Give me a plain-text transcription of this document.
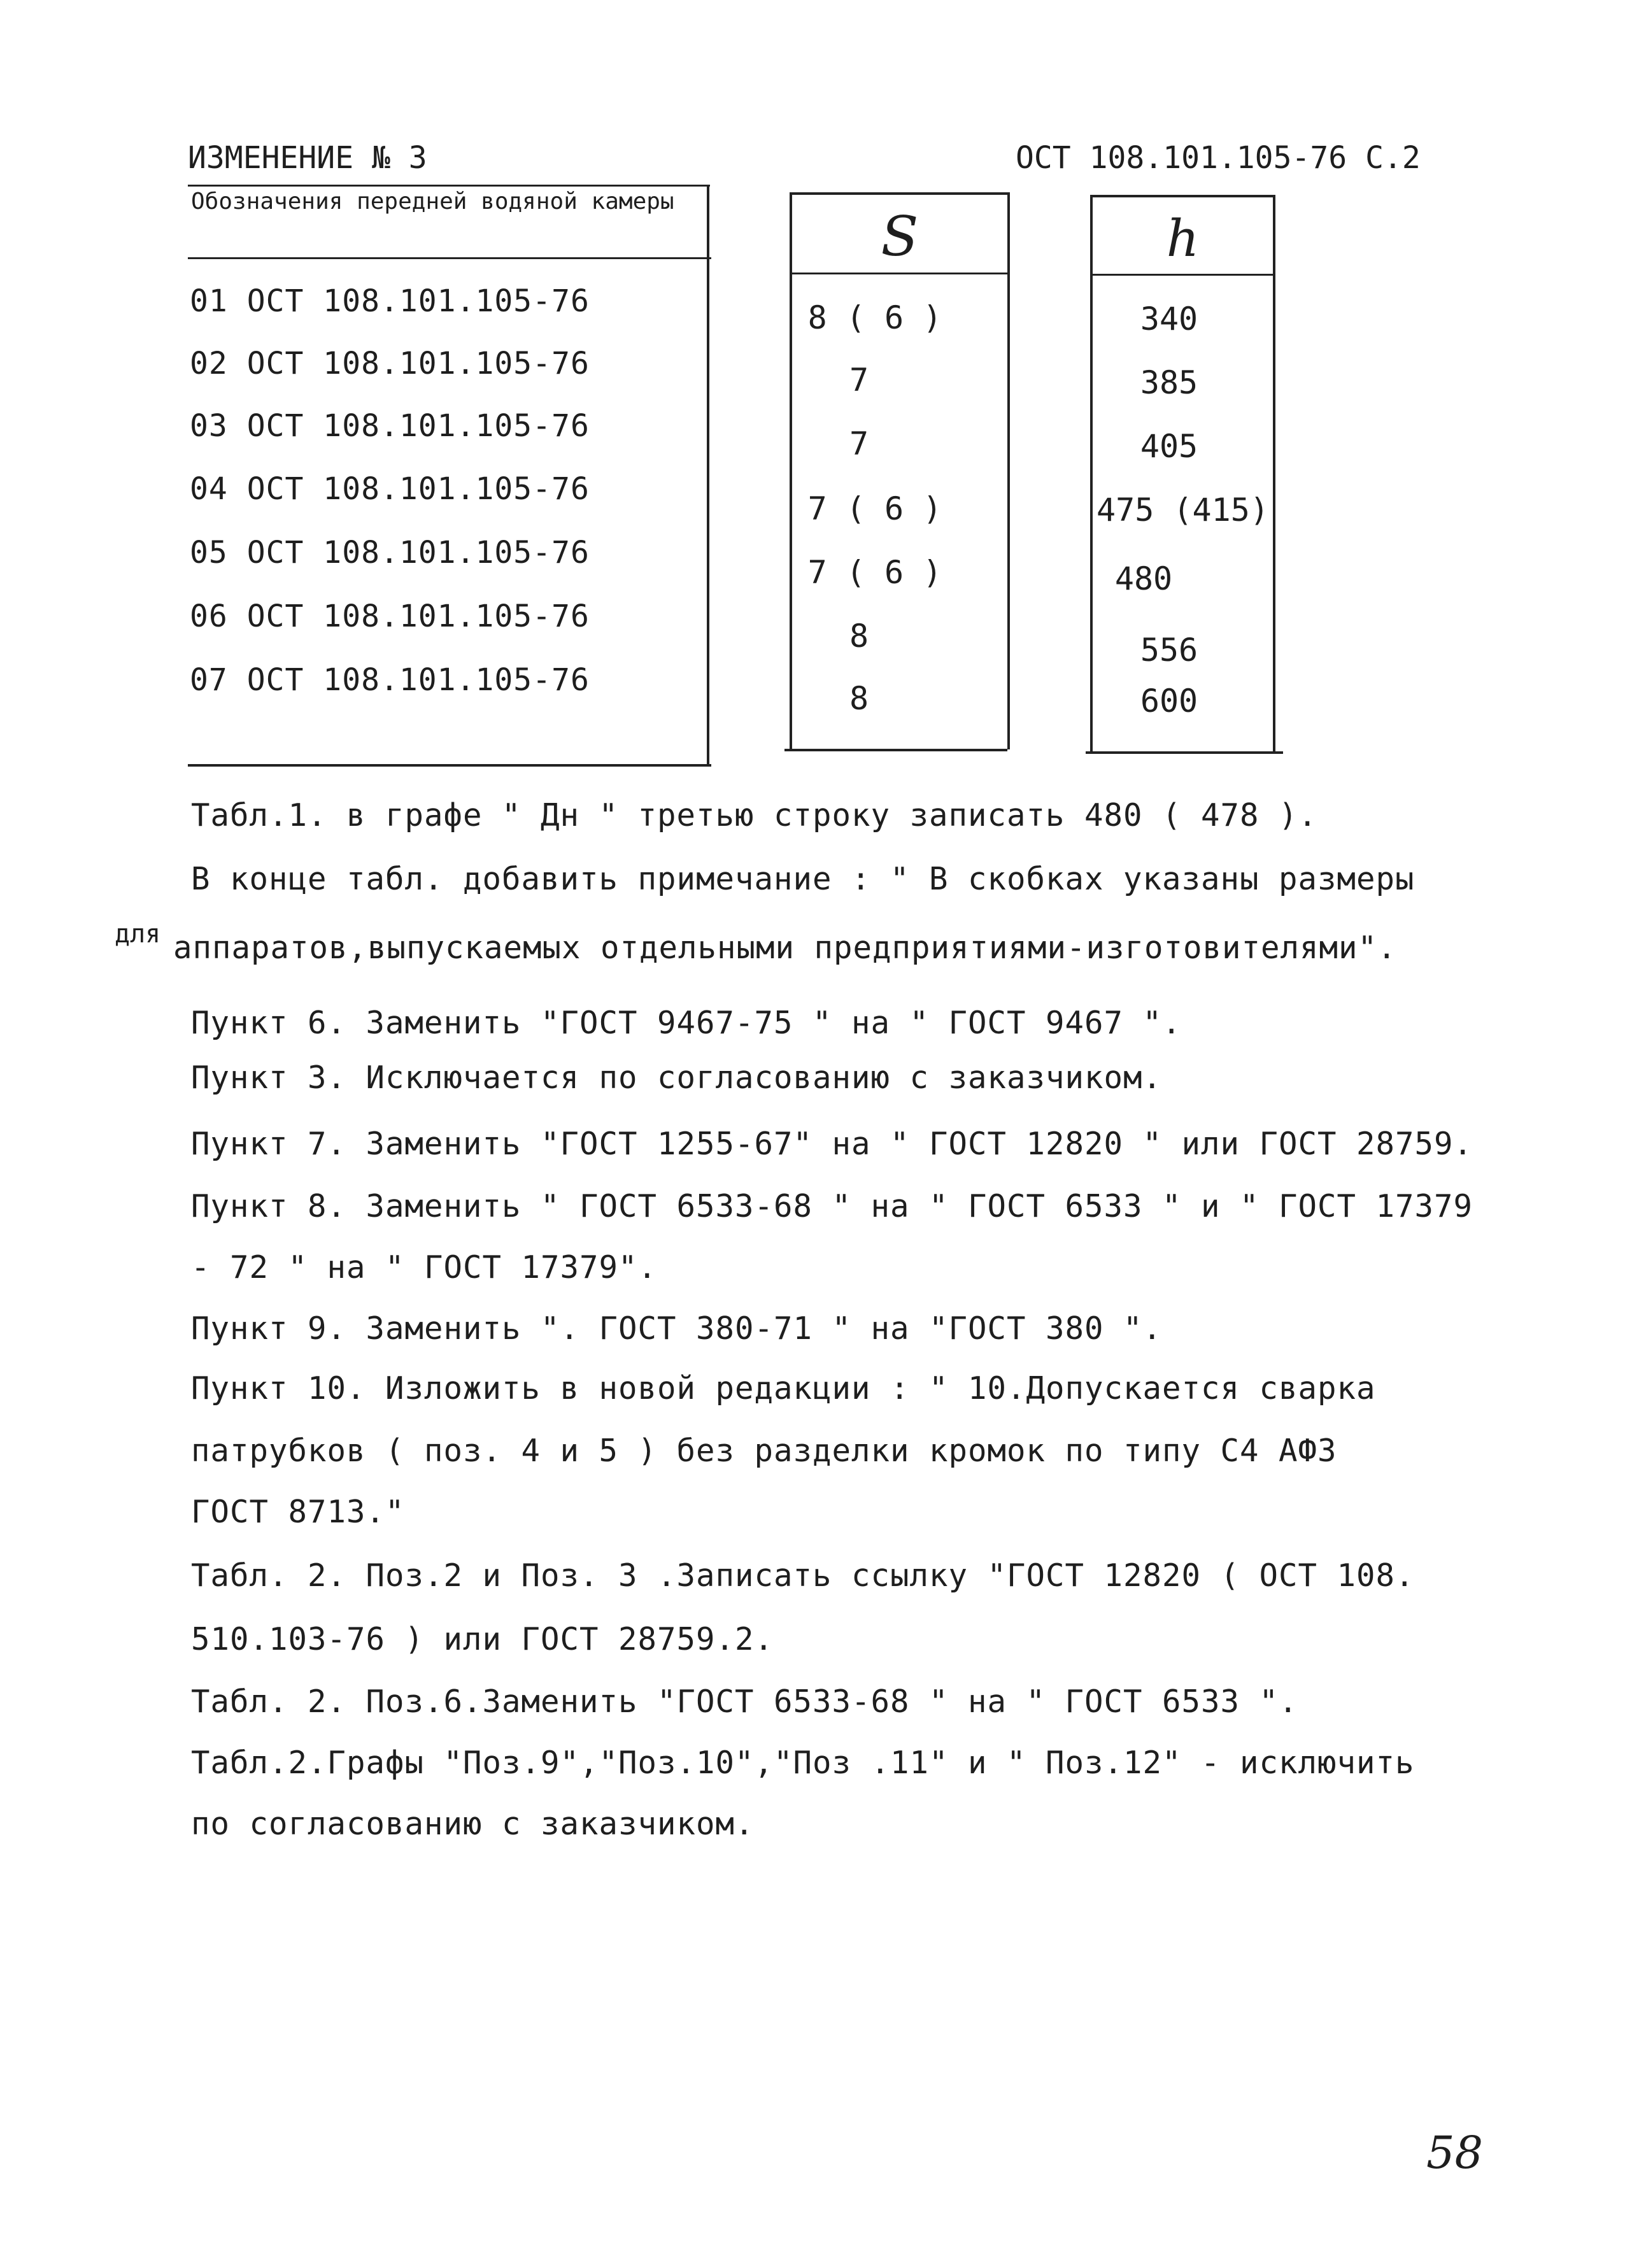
ИЗМЕНЕНИЕ № 3	ОСТ 108.101.105-76 С.2
Обозначения передней водяной камеры
01 ОСТ 108.101.105-76
02 ОСТ 108.101.105-76
03 ОСТ 108.101.105-76
04 ОСТ 108.101.105-76
05 ОСТ 108.101.105-76
06 ОСТ 108.101.105-76
07 ОСТ 108.101.105-76
S
8 ( 6 )
7
7
7 ( 6 )
7 ( 6 )
8
8
h
340
385
405
475 (415)
480
556
600
Табл.1. в графе " Дн " третью строку записать 480 ( 478 ).
В конце табл. добавить примечание : " В скобках указаны размеры
для аппаратов,выпускаемых отдельными предприятиями-изготовителями".
Пункт 6. Заменить "ГОСТ 9467-75 " на " ГОСТ 9467 ".
Пункт 3. Исключается по согласованию с заказчиком.
Пункт 7. Заменить "ГОСТ 1255-67" на " ГОСТ 12820 " или ГОСТ 28759.
Пункт 8. Заменить " ГОСТ 6533-68 " на " ГОСТ 6533 " и " ГОСТ 17379
- 72 " на " ГОСТ 17379".
Пункт 9. Заменить ". ГОСТ 380-71 " на "ГОСТ 380 ".
Пункт 10. Изложить в новой редакции : " 10.Допускается сварка
патрубков ( поз. 4 и 5 ) без разделки кромок по типу С4 АФ3
ГОСТ 8713."
Табл. 2. Поз.2 и Поз. 3 .Записать ссылку "ГОСТ 12820 ( ОСТ 108.
510.103-76 ) или ГОСТ 28759.2.
Табл. 2. Поз.6.Заменить "ГОСТ 6533-68 " на " ГОСТ 6533 ".
Табл.2.Графы "Поз.9","Поз.10","Поз .11" и " Поз.12" - исключить
по согласованию с заказчиком.
58
